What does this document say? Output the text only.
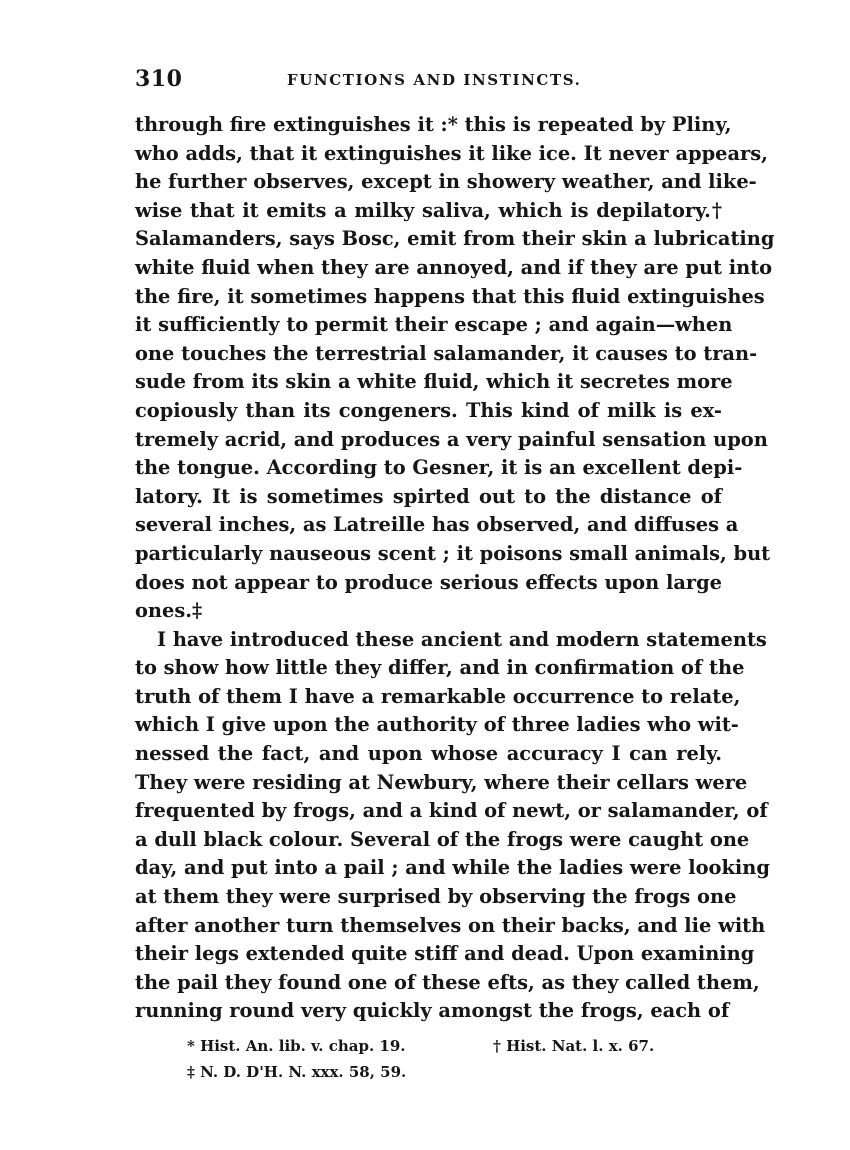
310	FUNCTIONS AND INSTINCTS.
through fire extinguishes it :* this is repeated by Pliny,
who adds, that it extinguishes it like ice. It never appears,
he further observes, except in showery weather, and like-
wise that it emits a milky saliva, which is depilatory.†
Salamanders, says Bosc, emit from their skin a lubricating
white fluid when they are annoyed, and if they are put into
the fire, it sometimes happens that this fluid extinguishes
it sufficiently to permit their escape ; and again—when
one touches the terrestrial salamander, it causes to tran-
sude from its skin a white fluid, which it secretes more
copiously than its congeners. This kind of milk is ex-
tremely acrid, and produces a very painful sensation upon
the tongue. According to Gesner, it is an excellent depi-
latory. It is sometimes spirted out to the distance of
several inches, as Latreille has observed, and diffuses a
particularly nauseous scent ; it poisons small animals, but
does not appear to produce serious effects upon large
ones.‡
I have introduced these ancient and modern statements
to show how little they differ, and in confirmation of the
truth of them I have a remarkable occurrence to relate,
which I give upon the authority of three ladies who wit-
nessed the fact, and upon whose accuracy I can rely.
They were residing at Newbury, where their cellars were
frequented by frogs, and a kind of newt, or salamander, of
a dull black colour. Several of the frogs were caught one
day, and put into a pail ; and while the ladies were looking
at them they were surprised by observing the frogs one
after another turn themselves on their backs, and lie with
their legs extended quite stiff and dead. Upon examining
the pail they found one of these efts, as they called them,
running round very quickly amongst the frogs, each of
* Hist. An. lib. v. chap. 19.	† Hist. Nat. l. x. 67.
‡ N. D. D'H. N. xxx. 58, 59.
